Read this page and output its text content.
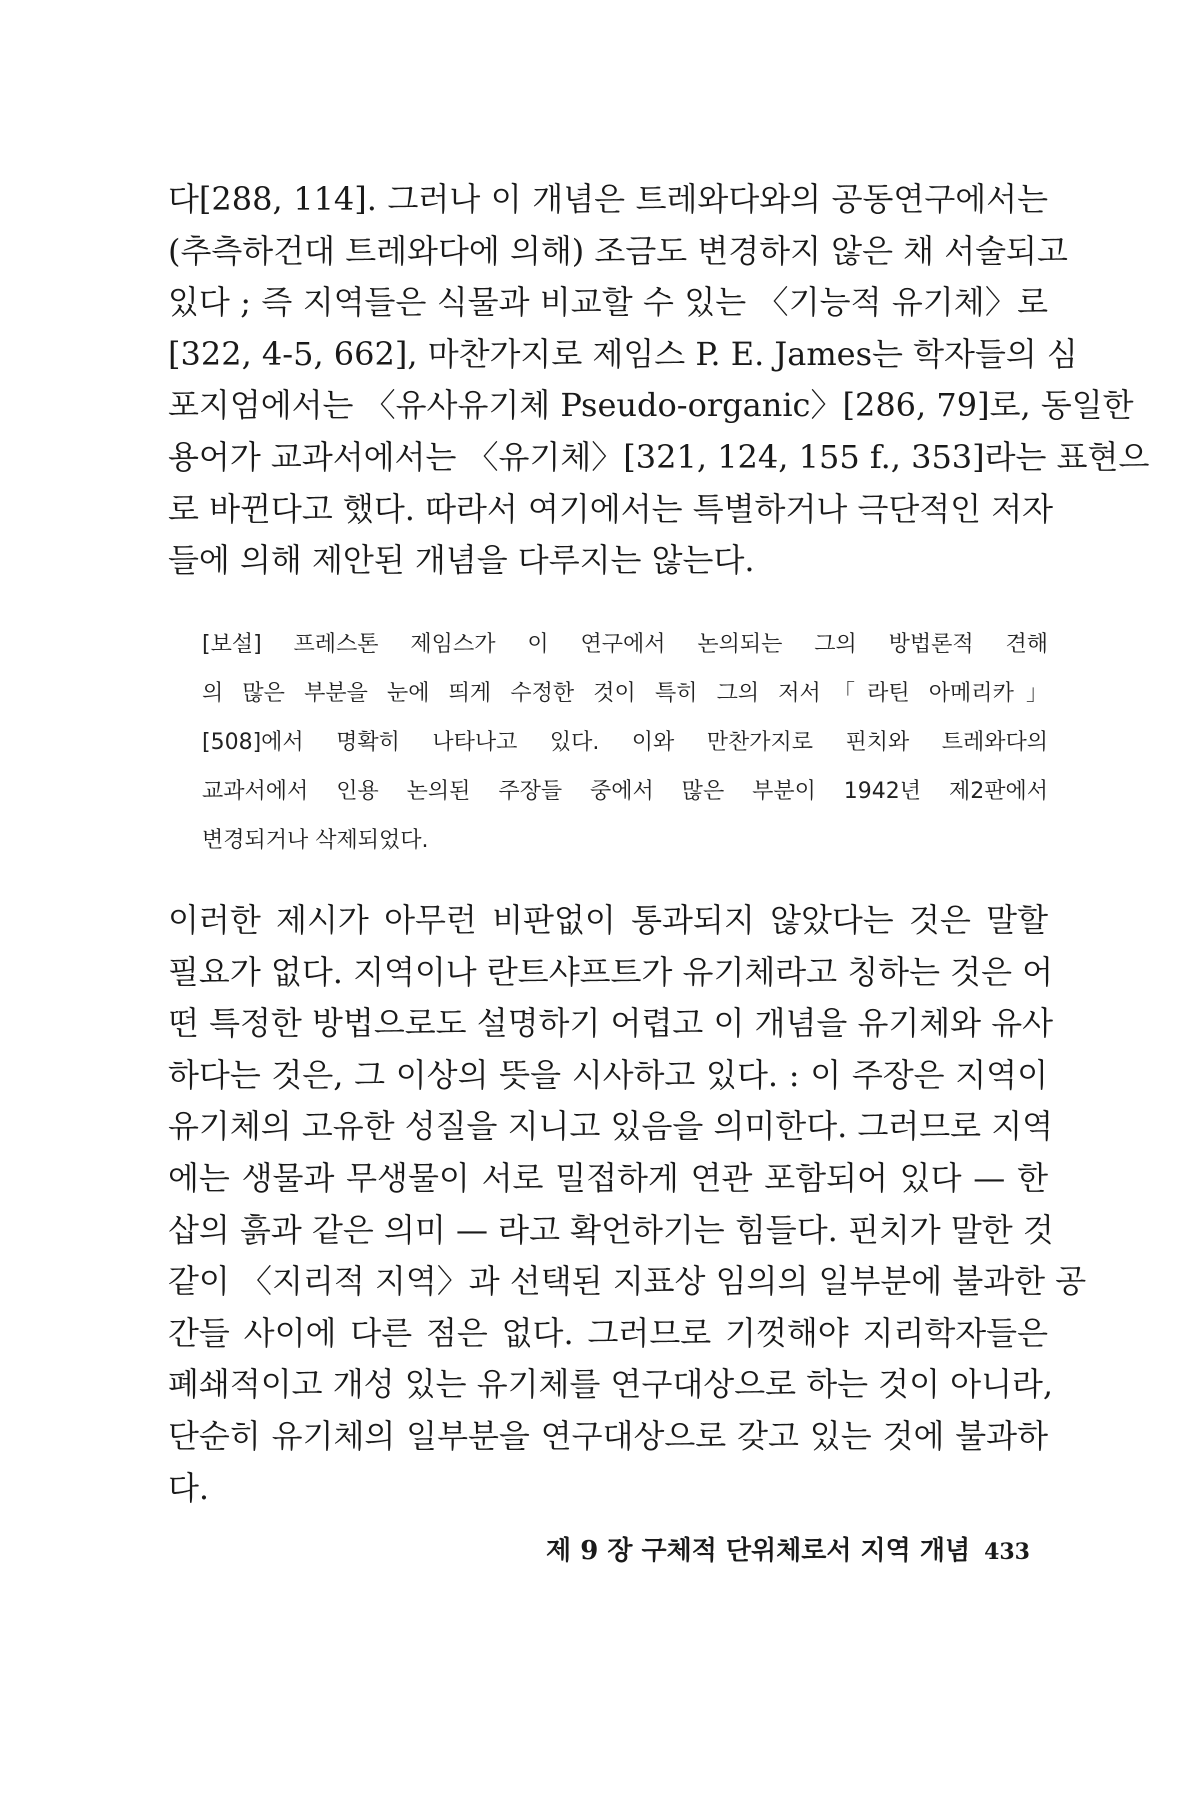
다[288, 114]. 그러나 이 개념은 트레와다와의 공동연구에서는
(추측하건대 트레와다에 의해) 조금도 변경하지 않은 채 서술되고
있다 ; 즉 지역들은 식물과 비교할 수 있는 〈기능적 유기체〉로
[322, 4-5, 662], 마찬가지로 제임스 P. E. James는 학자들의 심
포지엄에서는 〈유사유기체 Pseudo-organic〉[286, 79]로, 동일한
용어가 교과서에서는 〈유기체〉[321, 124, 155 f., 353]라는 표현으
로 바뀐다고 했다. 따라서 여기에서는 특별하거나 극단적인 저자
들에 의해 제안된 개념을 다루지는 않는다.

[보설] 프레스톤 제임스가 이 연구에서 논의되는 그의 방법론적 견해
의 많은 부분을 눈에 띄게 수정한 것이 특히 그의 저서「라틴 아메리카」
[508]에서 명확히 나타나고 있다. 이와 만찬가지로 핀치와 트레와다의
교과서에서 인용 논의된 주장들 중에서 많은 부분이 1942년 제2판에서
변경되거나 삭제되었다.

이러한 제시가 아무런 비판없이 통과되지 않았다는 것은 말할
필요가 없다. 지역이나 란트샤프트가 유기체라고 칭하는 것은 어
떤 특정한 방법으로도 설명하기 어렵고 이 개념을 유기체와 유사
하다는 것은, 그 이상의 뜻을 시사하고 있다. : 이 주장은 지역이
유기체의 고유한 성질을 지니고 있음을 의미한다. 그러므로 지역
에는 생물과 무생물이 서로 밀접하게 연관 포함되어 있다 — 한
삽의 흙과 같은 의미 — 라고 확언하기는 힘들다. 핀치가 말한 것
같이 〈지리적 지역〉과 선택된 지표상 임의의 일부분에 불과한 공
간들 사이에 다른 점은 없다. 그러므로 기껏해야 지리학자들은
폐쇄적이고 개성 있는 유기체를 연구대상으로 하는 것이 아니라,
단순히 유기체의 일부분을 연구대상으로 갖고 있는 것에 불과하
다.

제 9 장 구체적 단위체로서 지역 개념 433
